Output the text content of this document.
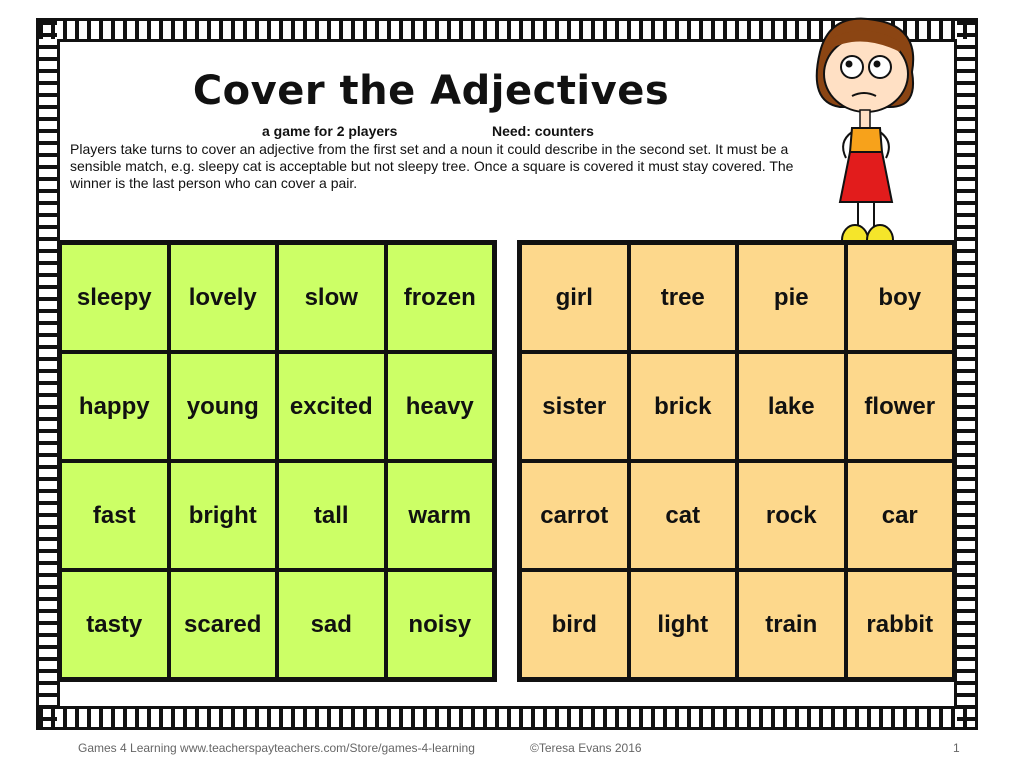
Cover the Adjectives
a game for 2 players	Need: counters
Players take turns to cover an adjective from the first set and a noun it could describe in the second set. It must be a sensible match, e.g. sleepy cat is acceptable but not sleepy tree. Once a square is covered it must stay covered. The winner is the last person who can cover a pair.
sleepy	lovely	slow	frozen
happy	young	excited	heavy
fast	bright	tall	warm
tasty	scared	sad	noisy
girl	tree	pie	boy
sister	brick	lake	flower
carrot	cat	rock	car
bird	light	train	rabbit
Games 4 Learning www.teacherspayteachers.com/Store/games-4-learning	©Teresa Evans 2016	1
